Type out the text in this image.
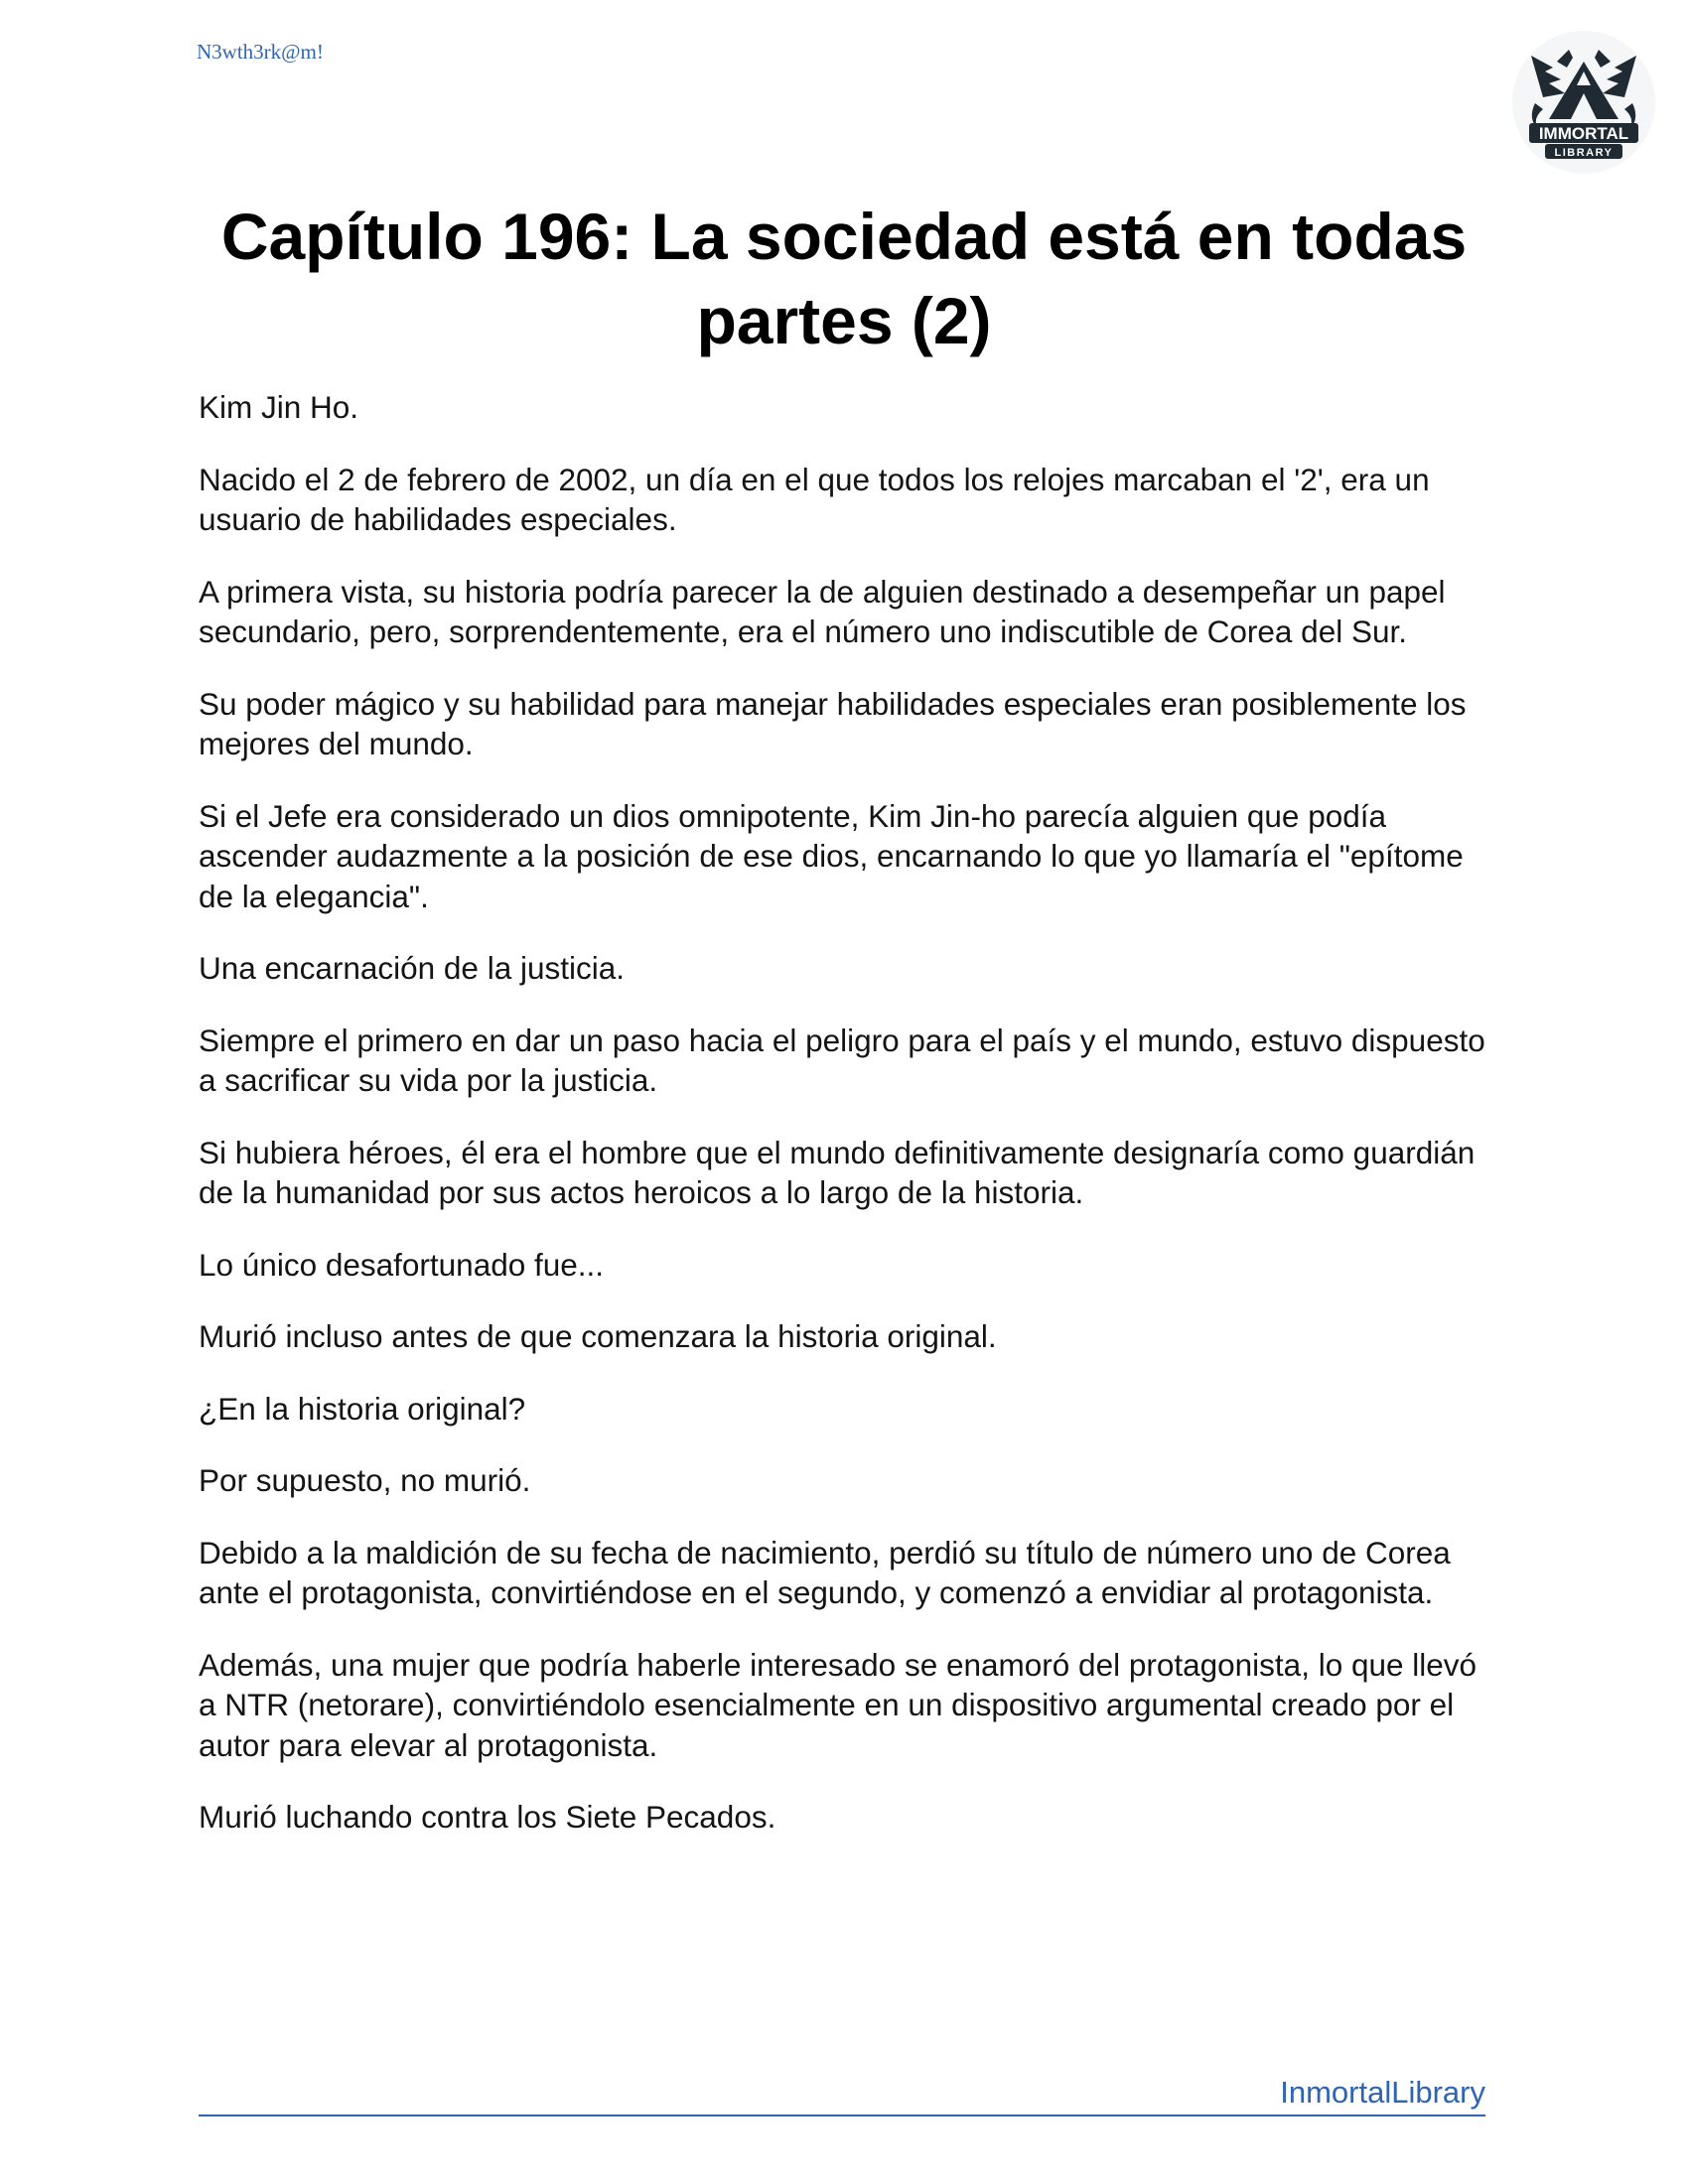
N3wth3rk@m!
IMMORTAL
LIBRARY
Capítulo 196: La sociedad está en todas partes (2)

Kim Jin Ho.

Nacido el 2 de febrero de 2002, un día en el que todos los relojes marcaban el '2', era un usuario de habilidades especiales.

A primera vista, su historia podría parecer la de alguien destinado a desempeñar un papel secundario, pero, sorprendentemente, era el número uno indiscutible de Corea del Sur.

Su poder mágico y su habilidad para manejar habilidades especiales eran posiblemente los mejores del mundo.

Si el Jefe era considerado un dios omnipotente, Kim Jin-ho parecía alguien que podía ascender audazmente a la posición de ese dios, encarnando lo que yo llamaría el "epítome de la elegancia".

Una encarnación de la justicia.

Siempre el primero en dar un paso hacia el peligro para el país y el mundo, estuvo dispuesto a sacrificar su vida por la justicia.

Si hubiera héroes, él era el hombre que el mundo definitivamente designaría como guardián de la humanidad por sus actos heroicos a lo largo de la historia.

Lo único desafortunado fue...

Murió incluso antes de que comenzara la historia original.

¿En la historia original?

Por supuesto, no murió.

Debido a la maldición de su fecha de nacimiento, perdió su título de número uno de Corea ante el protagonista, convirtiéndose en el segundo, y comenzó a envidiar al protagonista.

Además, una mujer que podría haberle interesado se enamoró del protagonista, lo que llevó a NTR (netorare), convirtiéndolo esencialmente en un dispositivo argumental creado por el autor para elevar al protagonista.

Murió luchando contra los Siete Pecados.

InmortalLibrary
